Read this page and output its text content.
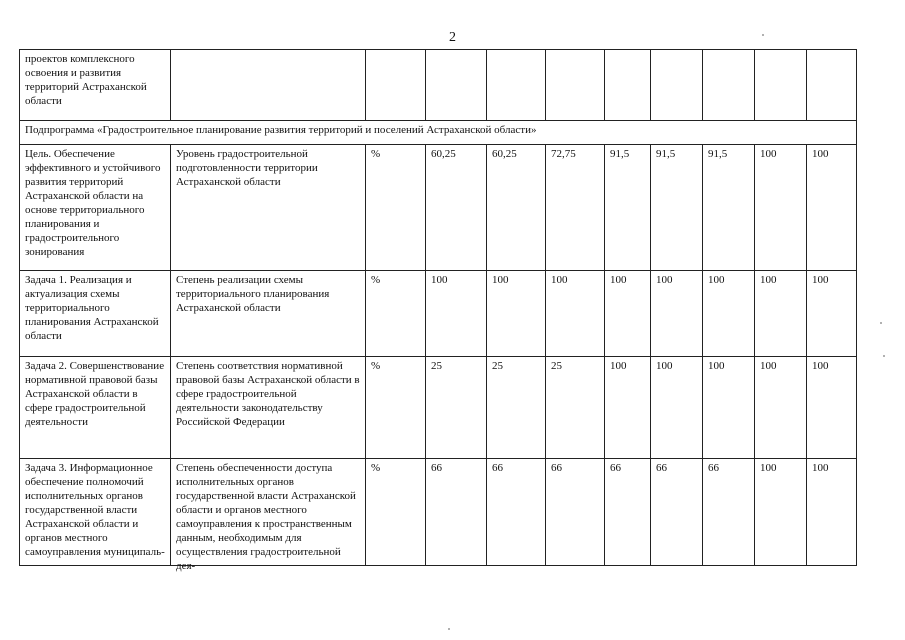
2
проектов комплексного освоения и развития территорий Астраханской области										

Подпрограмма «Градостроительное планирование развития территорий и поселений Астраханской области»										

Цель. Обеспечение эффективного и устойчивого развития территорий Астраханской области на основе территориального планирования и градостроительного зонирования	Уровень градостроительной подготовленности территории Астраханской области	%	60,25	60,25	72,75	91,5	91,5	91,5	100	100

Задача 1. Реализация и актуализация схемы территориального планирования Астраханской области	Степень реализации схемы территориального планирования Астраханской области	%	100	100	100	100	100	100	100	100

Задача 2. Совершенствование нормативной правовой базы Астраханской области в сфере градостроительной деятельности	Степень соответствия нормативной правовой базы Астраханской области в сфере градостроительной деятельности законодательству Российской Федерации	%	25	25	25	100	100	100	100	100

Задача 3. Информационное обеспечение полномочий исполнительных органов государственной власти Астраханской области и органов местного самоуправления муниципаль-	Степень обеспеченности доступа исполнительных органов государственной власти Астраханской области и органов местного самоуправления к пространственным данным, необходимым для осуществления градостроительной дея-	%	66	66	66	66	66	66	100	100
